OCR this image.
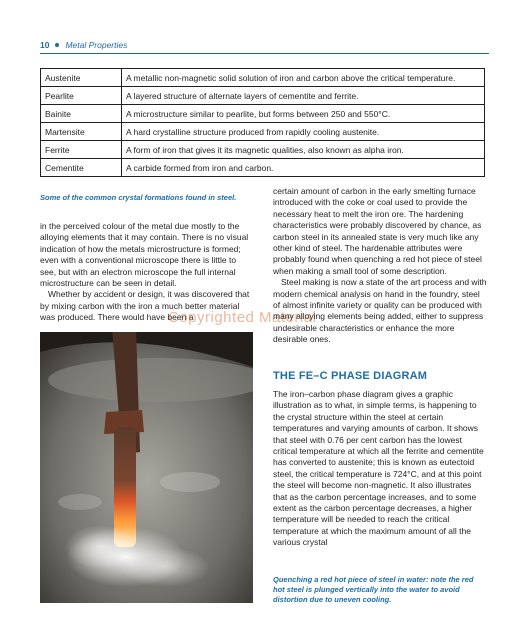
10 Metal Properties
Austenite	A metallic non-magnetic solid solution of iron and carbon above the critical temperature.
Pearlite	A layered structure of alternate layers of cementite and ferrite.
Bainite	A microstructure similar to pearlite, but forms between 250 and 550°C.
Martensite	A hard crystalline structure produced from rapidly cooling austenite.
Ferrite	A form of iron that gives it its magnetic qualities, also known as alpha iron.
Cementite	A carbide formed from iron and carbon.
Some of the common crystal formations found in steel.

in the perceived colour of the metal due mostly to the alloying elements that it may contain. There is no visual indication of how the metals microstructure is formed; even with a conventional microscope there is little to see, but with an electron microscope the full internal microstructure can be seen in detail.

Whether by accident or design, it was discovered that by mixing carbon with the iron a much better material was produced. There would have been a

Copyrighted Material

certain amount of carbon in the early smelting furnace introduced with the coke or coal used to provide the necessary heat to melt the iron ore. The hardening characteristics were probably discovered by chance, as carbon steel in its annealed state is very much like any other kind of steel. The hardenable attributes were probably found when quenching a red hot piece of steel when making a small tool of some description.

Steel making is now a state of the art process and with modern chemical analysis on hand in the foundry, steel of almost infinite variety or quality can be produced with many alloying elements being added, either to suppress undesirable characteristics or enhance the more desirable ones.

THE FE–C PHASE DIAGRAM

The iron–carbon phase diagram gives a graphic illustration as to what, in simple terms, is happening to the crystal structure within the steel at certain temperatures and varying amounts of carbon. It shows that steel with 0.76 per cent carbon has the lowest critical temperature at which all the ferrite and cementite has converted to austenite; this is known as eutectoid steel, the critical temperature is 724°C, and at this point the steel will become non-magnetic. It also illustrates that as the carbon percentage increases, and to some extent as the carbon percentage decreases, a higher temperature will be needed to reach the critical temperature at which the maximum amount of all the various crystal

Quenching a red hot piece of steel in water: note the red hot steel is plunged vertically into the water to avoid distortion due to uneven cooling.
